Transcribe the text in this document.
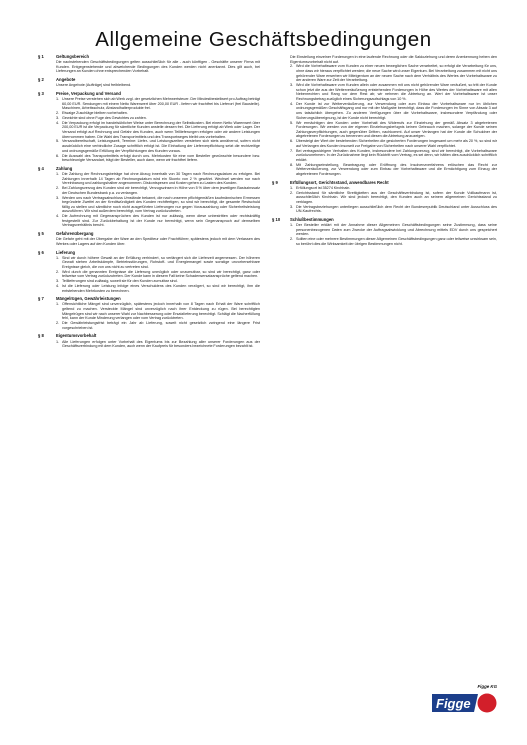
Allgemeine Geschäftsbedingungen
§ 1	Geltungsbereich

Die nachstehenden Geschäftsbedingungen gelten ausschließlich für alle - auch künftigen - Geschäfte unserer Firma mit Kunden. Entgegenstehende und abweichende Bedingungen des Kunden werden nicht anerkannt. Dies gilt auch, bei Lieferungen an Kunden ohne entsprechenden Vorbehalt.

§ 2	Angebote

Unsere Angebote (Aufträge) sind freibleibend.

§ 3	Preise, Verpackung und Versand
1. Unsere Preise verstehen sich ab Werk zzgl. der gesetzlichen Mehrwertsteuer. Der Mindestbestellwert pro Auftrag beträgt 60,00 EUR. Sendungen mit einem Netto Warenwert über 200,00 EUR - liefern wir frachtfrei bis Lieferort (frei Baustelle). Maschinen, Arbeitsschutz, Abstandhalterprodukte frei.

2. Etwaige Zuschläge bleiben vorbehalten.

3. Gewichte sind ohne Fuge des Gewichtes zu zahlen.

4. Die Verpackung erfolgt im handelsüblicher Weise unter Berechnung der Selbstkosten. Bei einem Netto Warenwert über 200,00 EUR ist die Verpackung für sämtliche Kunden anstelle dessen frei. Die Lieferung erfolgt ab Werk oder Lager. Der Versand erfolgt auf Rechnung und Gefahr des Kunden, auch wenn Teillieferungen erfolgen oder wir andere Leistungen übernommen haben. Die Wahl des Transportmittels und des Transportweges bleibt uns vorbehalten.

5. Versandbereitschaft, Leistungszeit, Termine: Liefer- und Leistungszeiten verstehen sich stets annähernd, sofern nicht ausdrücklich eine verbindliche Zusage schriftlich erfolgt ist. Die Einhaltung der Lieferverpflichtung setzt die rechtzeitige und ordnungsgemäße Erfüllung der Verpflichtungen des Kunden voraus.

6. Die Auswahl des Transportmittels erfolgt durch uns. Mehrkosten für eine vom Besteller gewünschte besondere bzw. beschleunigte Versandart, trägt der Besteller, auch dann, wenn wir frachtfrei liefern.

§ 4	Zahlung
1. Die Zahlung der Rechnungsbeträge hat ohne Abzug innerhalb von 30 Tagen nach Rechnungsdatum zu erfolgen. Bei Zahlungen innerhalb 14 Tagen ab Rechnungsdatum wird ein Skonto von 2 % gewährt. Wechsel werden nur nach Vereinbarung und zahlungshalber angenommen. Diskontspesen und Kosten gehen zu Lasten des Kunden.

2. Bei Zahlungsverzug des Kunden sind wir berechtigt, Verzugszinsen in Höhe von 5 % über dem jeweiligen Basiszinssatz der Deutschen Bundesbank p.a. zu verlangen.

3. Werden uns nach Vertragsabschluss Umstände bekannt, die nach unserem pflichtgemäßen kaufmännischen Ermessen begründete Zweifel an der Kreditwürdigkeit des Kunden rechtfertigen, so sind wir berechtigt, die gesamte Restschuld fällig zu stellen und sämtliche noch nicht ausgeführten Lieferungen nur gegen Vorauszahlung oder Sicherheitsleistung auszuführen. Wir sind außerdem berechtigt, vom Vertrag zurückzutreten.

4. Die Aufrechnung mit Gegenansprüchen des Kunden ist nur zulässig, wenn diese unbestritten oder rechtskräftig festgestellt sind. Zur Zurückbehaltung ist der Kunde nur berechtigt, wenn sein Gegenanspruch auf demselben Vertragsverhältnis beruht.

§ 5	Gefahrenübergang

Die Gefahr geht mit der Übergabe der Ware an den Spediteur oder Frachtführer, spätestens jedoch mit dem Verlassen des Werkes oder Lagers auf den Kunden über.

§ 6	Lieferung
1. Sind wir durch höhere Gewalt an der Erfüllung verhindert, so verlängert sich die Lieferzeit angemessen. Der höheren Gewalt stehen Arbeitskämpfe, Betriebsstörungen, Rohstoff- und Energiemangel sowie sonstige unvorhersehbare Ereignisse gleich, die von uns nicht zu vertreten sind.

2. Wird durch die genannten Ereignisse die Lieferung unmöglich oder unzumutbar, so sind wir berechtigt, ganz oder teilweise vom Vertrag zurückzutreten. Der Kunde kann in diesem Fall keine Schadensersatzansprüche geltend machen.

3. Teillieferungen sind zulässig, soweit sie für den Kunden zumutbar sind.

4. Ist die Lieferung oder Leistung infolge eines Verschuldens des Kunden verzögert, so sind wir berechtigt, ihm die entstehenden Mehrkosten zu berechnen.

§ 7	Mängelrügen, Gewährleistungen
1. Offensichtliche Mängel sind unverzüglich, spätestens jedoch innerhalb von 8 Tagen nach Erhalt der Ware schriftlich geltend zu machen. Versteckte Mängel sind unverzüglich nach ihrer Entdeckung zu rügen. Bei berechtigten Mängelrügen sind wir nach unserer Wahl zur Nachbesserung oder Ersatzlieferung berechtigt. Schlägt die Nacherfüllung fehl, kann der Kunde Minderung verlangen oder vom Vertrag zurücktreten.

2. Die Gewährleistungsfrist beträgt ein Jahr ab Lieferung, soweit nicht gesetzlich zwingend eine längere Frist vorgeschrieben ist.

§ 8	Eigentumsvorbehalt
1. Alle Lieferungen erfolgen unter Vorbehalt des Eigentums bis zur Bezahlung aller unserer Forderungen aus der Geschäftsverbindung mit dem Kunden, auch wenn der Kaufpreis für besonders bezeichnete Forderungen bezahlt ist.

Die Einstellung einzelner Forderungen in eine laufende Rechnung oder die Saldoziehung und deren Anerkennung heben den Eigentumsvorbehalt nicht auf.

2. Wird die Vorbehaltsware vom Kunden zu einer neuen beweglichen Sache verarbeitet, so erfolgt die Verarbeitung für uns, ohne dass wir hieraus verpflichtet werden; die neue Sache wird unser Eigentum. Bei Verarbeitung zusammen mit nicht uns gehörender Ware erwerben wir Miteigentum an der neuen Sache nach dem Verhältnis des Wertes der Vorbehaltsware zu der anderen Ware zur Zeit der Verarbeitung.

3. Wird die Vorbehaltsware vom Kunden allein oder zusammen mit uns nicht gehörender Ware veräußert, so tritt der Kunde schon jetzt die aus der Weiterveräußerung entstehenden Forderungen in Höhe des Wertes der Vorbehaltsware mit allen Nebenrechten und Rang vor dem Rest ab; wir nehmen die Abtretung an. Wert der Vorbehaltsware ist unser Rechnungsbetrag zuzüglich eines Sicherungsaufschlags von 10 %.

4. Der Kunde ist zur Weiterveräußerung, zur Verwendung oder zum Einbau der Vorbehaltsware nur im üblichen ordnungsgemäßen Geschäftsgang und nur mit der Maßgabe berechtigt, dass die Forderungen im Sinne von Absatz 3 auf uns tatsächlich übergehen. Zu anderen Verfügungen über die Vorbehaltsware, insbesondere Verpfändung oder Sicherungsübereignung, ist der Kunde nicht berechtigt.

5. Wir ermächtigen den Kunden unter Vorbehalt des Widerrufs zur Einziehung der gemäß Absatz 3 abgetretenen Forderungen. Wir werden von der eigenen Einziehungsbefugnis keinen Gebrauch machen, solange der Kunde seinen Zahlungsverpflichtungen, auch gegenüber Dritten, nachkommt. Auf unser Verlangen hat der Kunde die Schuldner der abgetretenen Forderungen zu benennen und diesen die Abtretung anzuzeigen.

6. Übersteigt der Wert der bestehenden Sicherheiten die gesicherten Forderungen insgesamt um mehr als 20 %, so sind wir auf Verlangen des Kunden insoweit zur Freigabe von Sicherheiten nach unserer Wahl verpflichtet.

7. Bei vertragswidrigem Verhalten des Kunden, insbesondere bei Zahlungsverzug, sind wir berechtigt, die Vorbehaltsware zurückzunehmen. In der Zurücknahme liegt kein Rücktritt vom Vertrag, es sei denn, wir hätten dies ausdrücklich schriftlich erklärt.

8. Mit Zahlungseinstellung, Beantragung oder Eröffnung des Insolvenzverfahrens erlöschen das Recht zur Weiterveräußerung, zur Verwendung oder zum Einbau der Vorbehaltsware und die Ermächtigung zum Einzug der abgetretenen Forderungen.

§ 9	Erfüllungsort, Gerichtsstand, anwendbares Recht
1. Erfüllungsort ist 35274 Kirchhain.

2. Gerichtsstand für sämtliche Streitigkeiten aus der Geschäftsverbindung ist, sofern der Kunde Vollkaufmann ist, ausschließlich Kirchhain. Wir sind jedoch berechtigt, den Kunden auch an seinem allgemeinen Gerichtsstand zu verklagen.

3. Die Vertragsbeziehungen unterliegen ausschließlich dem Recht der Bundesrepublik Deutschland unter Ausschluss des UN-Kaufrechts.

§ 10	Schlußbestimmungen
1. Der Besteller erklärt mit der Annahme dieser Allgemeinen Geschäftsbedingungen seine Zustimmung, dass seine personenbezogenen Daten zum Zwecke der Auftragsabwicklung und Abrechnung mittels EDV durch uns gespeichert werden.

2. Sollten eine oder mehrere Bestimmungen dieser Allgemeinen Geschäftsbedingungen ganz oder teilweise unwirksam sein, so berührt dies die Wirksamkeit der übrigen Bestimmungen nicht.

Figge KG
Figge
